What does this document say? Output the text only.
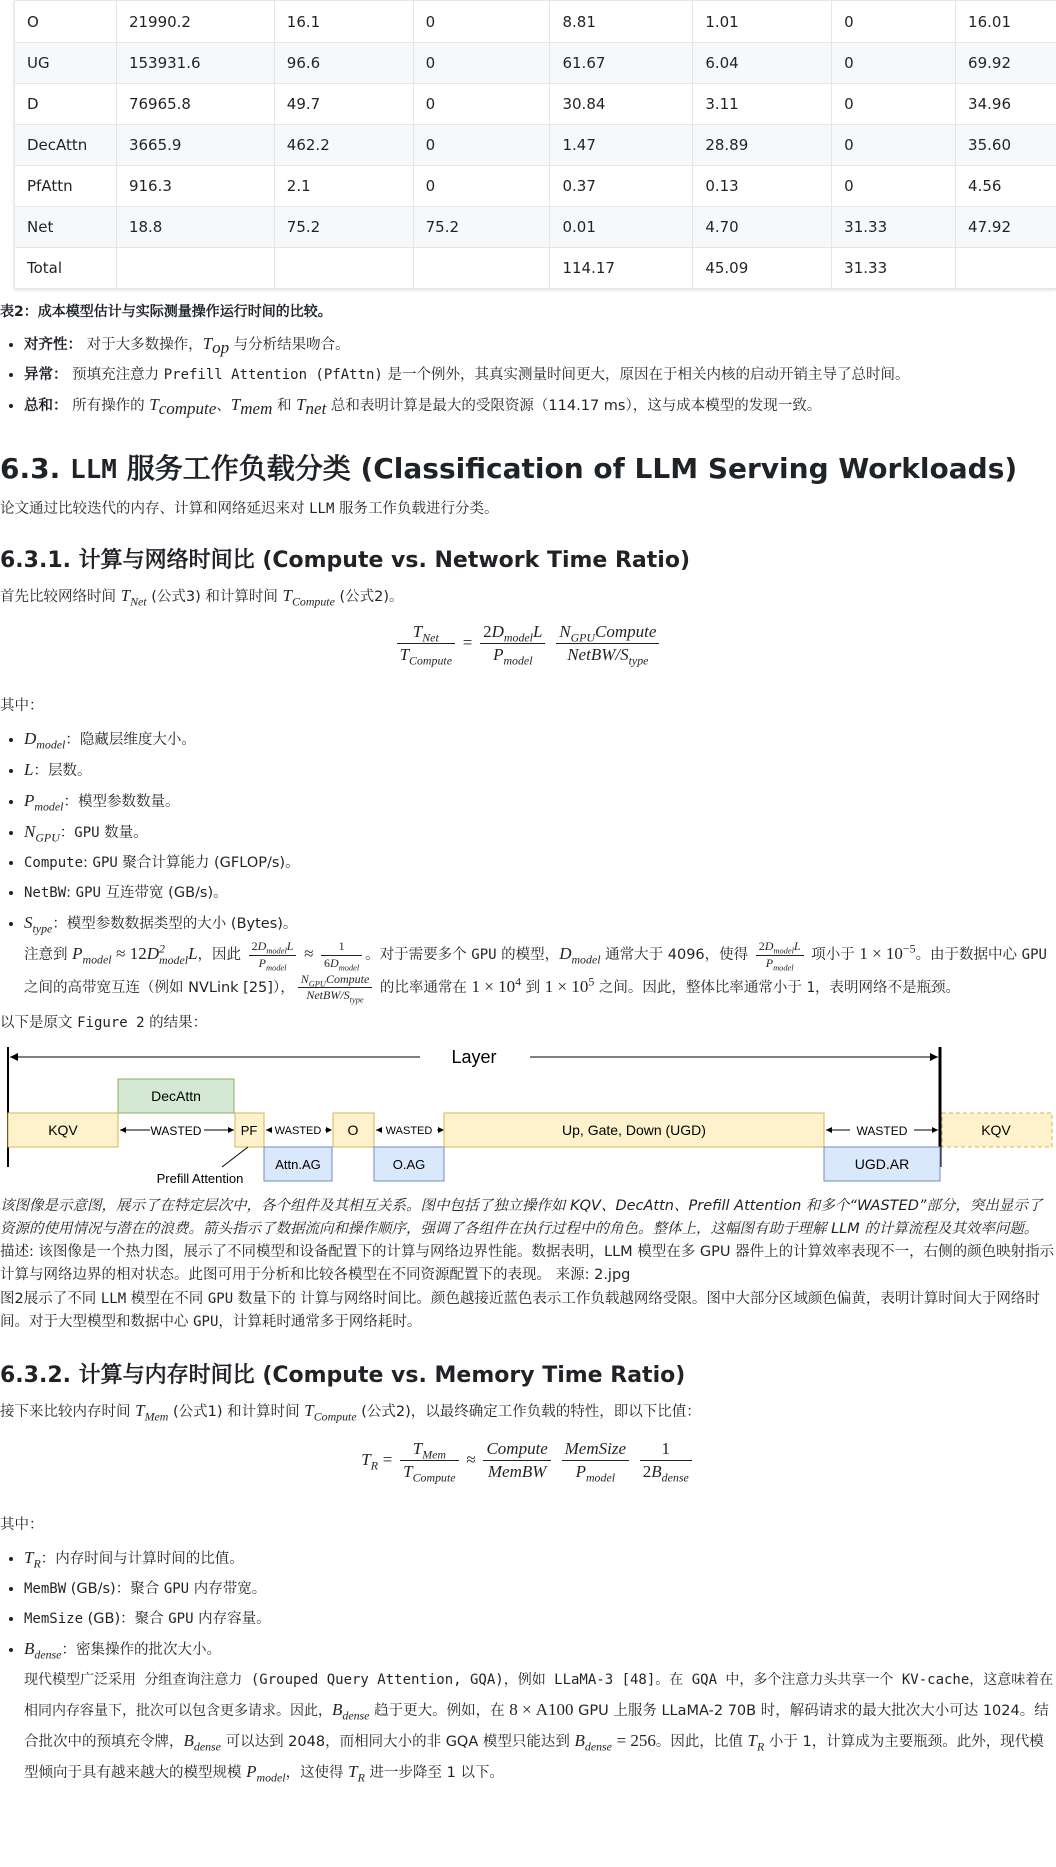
O	21990.2	16.1	0	8.81	1.01	0	16.01
UG	153931.6	96.6	0	61.67	6.04	0	69.92
D	76965.8	49.7	0	30.84	3.11	0	34.96
DecAttn	3665.9	462.2	0	1.47	28.89	0	35.60
PfAttn	916.3	2.1	0	0.37	0.13	0	4.56
Net	18.8	75.2	75.2	0.01	4.70	31.33	47.92
Total				114.17	45.09	31.33	
表2：成本模型估计与实际测量操作运行时间的比较。
• 对齐性： 对于大多数操作，$T_{op}$ 与分析结果吻合。
• 异常： 预填充注意力 Prefill Attention (PfAttn) 是一个例外，其真实测量时间更大，原因在于相关内核的启动开销主导了总时间。
• 总和： 所有操作的 $T_{compute}$、$T_{mem}$ 和 $T_{net}$ 总和表明计算是最大的受限资源（114.17 ms），这与成本模型的发现一致。
6.3. LLM 服务工作负载分类 (Classification of LLM Serving Workloads)

论文通过比较迭代的内存、计算和网络延迟来对 LLM 服务工作负载进行分类。

6.3.1. 计算与网络时间比 (Compute vs. Network Time Ratio)

首先比较网络时间 $T_{Net}$ (公式3) 和计算时间 $T_{Compute}$ (公式2)。

$\frac{T_{Net}}{T_{Compute}} = \frac{2D_{model}L}{P_{model}}$
$\frac{N_{GPU}Compute}{NetBW/S_{type}}$

其中：

• $D_{model}$：隐藏层维度大小。
• L：层数。
• $P_{model}$：模型参数数量。
• $N_{GPU}$：GPU 数量。
• Compute: GPU 聚合计算能力 (GFLOP/s)。
• NetBW: GPU 互连带宽 (GB/s)。
• $S_{type}$：模型参数数据类型的大小 (Bytes)。
注意到 $P_{model} \approx 12D^2_{model}L$，因此 $\frac{2D_{model}L}{P_{model}} \approx \frac{1}{6D_{model}}$ 。对于需要多个 GPU 的模型，$D_{model}$ 通常大于 4096，使得 $\frac{2D_{model}L}{P_{model}}$ 项小于 $1 \times 10^{-5}$。由于数据中心 GPU 之间的高带宽互连（例如 NVLink [25]）， $\frac{N_{GPU}Compute}{NetBW/S_{type}}$ 的比率通常在 $1 \times 10^4$ 到 $1 \times 10^5$ 之间。因此，整体比率通常小于 1，表明网络不是瓶颈。

以下是原文 Figure 2 的结果：

Layer
DecAttn
KQV	WASTED	PF
Prefill Attention
Attn.AG
WASTED O
O.AG
WASTED	Up, Gate, Down (UGD)	WASTED
UGD.AR
KQV
该图像是示意图，展示了在特定层次中，各个组件及其相互关系。图中包括了独立操作如 KQV、DecAttn、Prefill Attention 和多个“WASTED”部分，突出显示了资源的使用情况与潜在的浪费。箭头指示了数据流向和操作顺序，强调了各组件在执行过程中的角色。整体上，这幅图有助于理解 LLM 的计算流程及其效率问题。
描述: 该图像是一个热力图，展示了不同模型和设备配置下的计算与网络边界性能。数据表明，LLM 模型在多 GPU 器件上的计算效率表现不一，右侧的颜色映射指示计算与网络边界的相对状态。此图可用于分析和比较各模型在不同资源配置下的表现。 来源: 2.jpg
图2展示了不同 LLM 模型在不同 GPU 数量下的 计算与网络时间比。颜色越接近蓝色表示工作负载越网络受限。图中大部分区域颜色偏黄，表明计算时间大于网络时间。对于大型模型和数据中心 GPU，计算耗时通常多于网络耗时。
6.3.2. 计算与内存时间比 (Compute vs. Memory Time Ratio)

接下来比较内存时间 $T_{Mem}$ (公式1) 和计算时间 $T_{Compute}$ (公式2)，以最终确定工作负载的特性，即以下比值：

$T_R = \frac{T_{Mem}}{T_{Compute}} \approx \frac{\text{Compute}}{\text{MemBW}}$
$\frac{\text{MemSize}}{P_{model}}$
$\frac{1}{2B_{dense}}$

其中：

• $T_R$：内存时间与计算时间的比值。
• MemBW (GB/s)：聚合 GPU 内存带宽。
• MemSize (GB)：聚合 GPU 内存容量。
• $B_{dense}$：密集操作的批次大小。
现代模型广泛采用 分组查询注意力 (Grouped Query Attention, GQA)，例如 LLaMA-3 [48]。在 GQA 中，多个注意力头共享一个 KV-cache，这意味着在相同内存容量下，批次可以包含更多请求。因此，$B_{dense}$ 趋于更大。例如，在 8 × A100 GPU 上服务 LLaMA-2 70B 时，解码请求的最大批次大小可达 1024。结合批次中的预填充令牌，$B_{dense}$ 可以达到 2048，而相同大小的非 GQA 模型只能达到 $B_{dense} = 256$。因此，比值 $T_R$ 小于 1，计算成为主要瓶颈。此外，现代模型倾向于具有越来越大的模型规模 $P_{model}$，这使得 $T_R$ 进一步降至 1 以下。
